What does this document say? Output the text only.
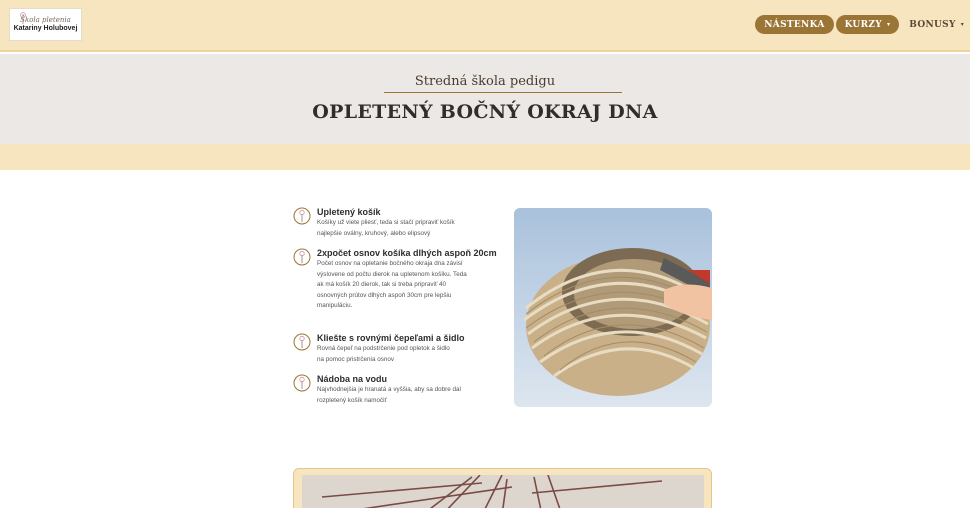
Škola pletenia
Katariny Holubovej	NÁSTENKA KURZY ▾ BONUSY ▾
Stredná škola pedigu
OPLETENÝ BOČNÝ OKRAJ DNA
Upletený košík

Košíky už viete pliesť, teda si stačí pripraviť košík

najlepšie oválny, kruhový, alebo elipsový

2xpočet osnov košíka dlhých aspoň 20cm

Počet osnov na opletanie bočného okraja dna závisí

výslovene od počtu dierok na upletenom košíku. Teda

ak má košík 20 dierok, tak si treba pripraviť 40

osnovných prútov dlhých aspoň 30cm pre lepšiu

manipuláciu.

Kliešte s rovnými čepeľami a šidlo

Rovná čepeľ na podstrčenie pod opletok a šidlo

na pomoc pristrčenia osnov

Nádoba na vodu

Najvhodnejšia je hranatá a vyššia, aby sa dobre dal

rozpletený košík namočiť
